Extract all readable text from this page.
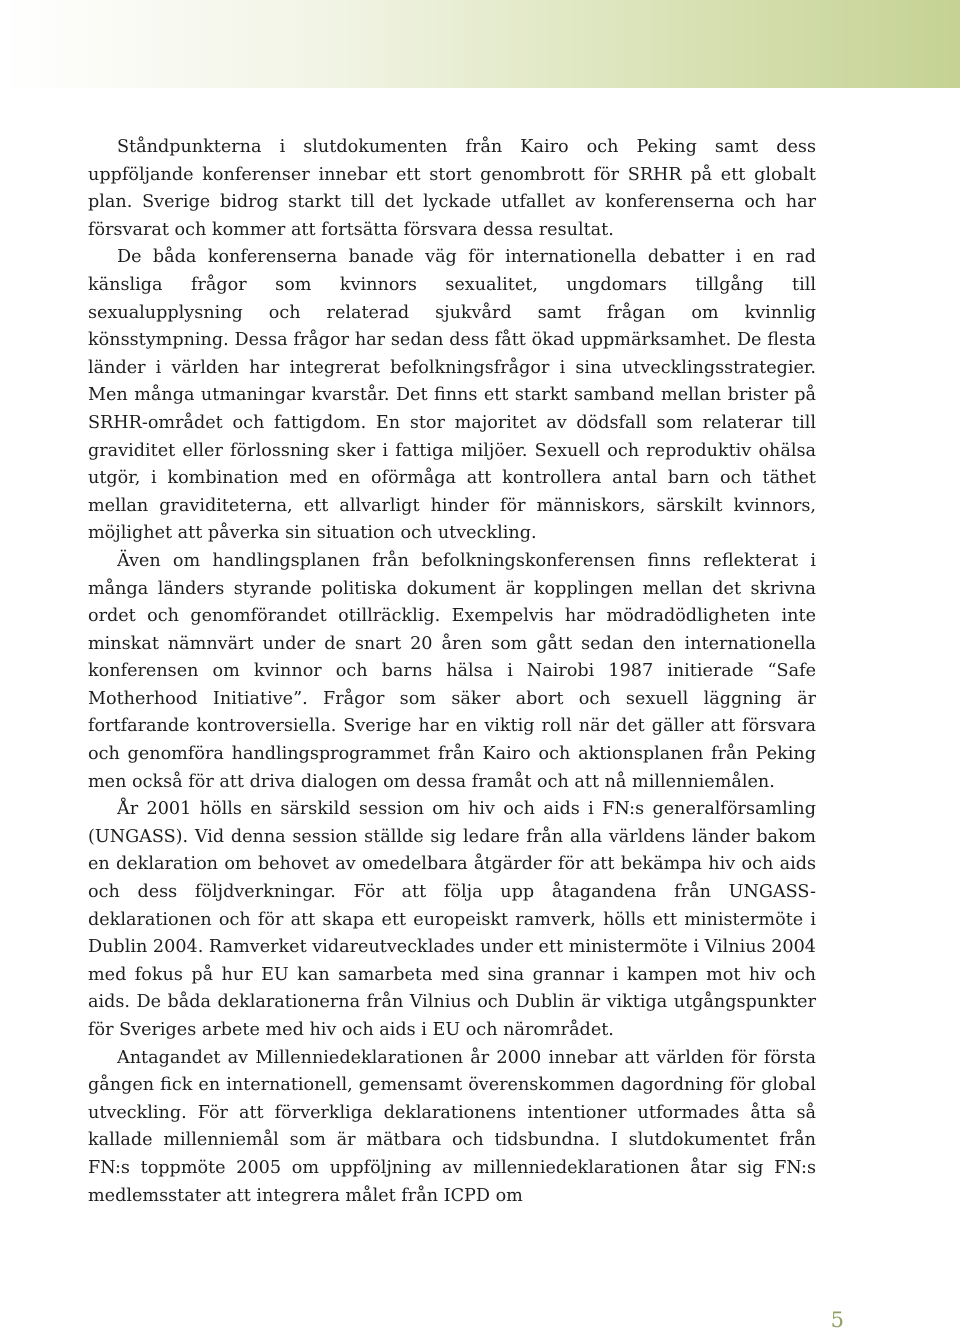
Ståndpunkterna i slutdokumenten från Kairo och Peking samt dess uppföljande konferenser innebar ett stort genombrott för SRHR på ett globalt plan. Sverige bidrog starkt till det lyckade utfallet av konferenserna och har försvarat och kommer att fortsätta försvara dessa resultat.

De båda konferenserna banade väg för internationella debatter i en rad känsliga frågor som kvinnors sexualitet, ungdomars tillgång till sexualupplysning och relaterad sjukvård samt frågan om kvinnlig könsstympning. Dessa frågor har sedan dess fått ökad uppmärksamhet. De flesta länder i världen har integrerat befolkningsfrågor i sina utvecklingsstrategier. Men många utmaningar kvarstår. Det finns ett starkt samband mellan brister på SRHR-området och fattigdom. En stor majoritet av dödsfall som relaterar till graviditet eller förlossning sker i fattiga miljöer. Sexuell och reproduktiv ohälsa utgör, i kombination med en oförmåga att kontrollera antal barn och täthet mellan graviditeterna, ett allvarligt hinder för människors, särskilt kvinnors, möjlighet att påverka sin situation och utveckling.

Även om handlingsplanen från befolkningskonferensen finns reflekterat i många länders styrande politiska dokument är kopplingen mellan det skrivna ordet och genomförandet otillräcklig. Exempelvis har mödradödligheten inte minskat nämnvärt under de snart 20 åren som gått sedan den internationella konferensen om kvinnor och barns hälsa i Nairobi 1987 initierade “Safe Motherhood Initiative”. Frågor som säker abort och sexuell läggning är fortfarande kontroversiella. Sverige har en viktig roll när det gäller att försvara och genomföra handlingsprogrammet från Kairo och aktionsplanen från Peking men också för att driva dialogen om dessa framåt och att nå millenniemålen.

År 2001 hölls en särskild session om hiv och aids i FN:s generalförsamling (UNGASS). Vid denna session ställde sig ledare från alla världens länder bakom en deklaration om behovet av omedelbara åtgärder för att bekämpa hiv och aids och dess följdverkningar. För att följa upp åtagandena från UNGASS-deklarationen och för att skapa ett europeiskt ramverk, hölls ett ministermöte i Dublin 2004. Ramverket vidareutvecklades under ett ministermöte i Vilnius 2004 med fokus på hur EU kan samarbeta med sina grannar i kampen mot hiv och aids. De båda deklarationerna från Vilnius och Dublin är viktiga utgångspunkter för Sveriges arbete med hiv och aids i EU och närområdet.

Antagandet av Millenniedeklarationen år 2000 innebar att världen för första gången fick en internationell, gemensamt överenskommen dagordning för global utveckling. För att förverkliga deklarationens intentioner utformades åtta så kallade millenniemål som är mätbara och tidsbundna. I slutdokumentet från FN:s toppmöte 2005 om uppföljning av millenniedeklarationen åtar sig FN:s medlemsstater att integrera målet från ICPD om

5
